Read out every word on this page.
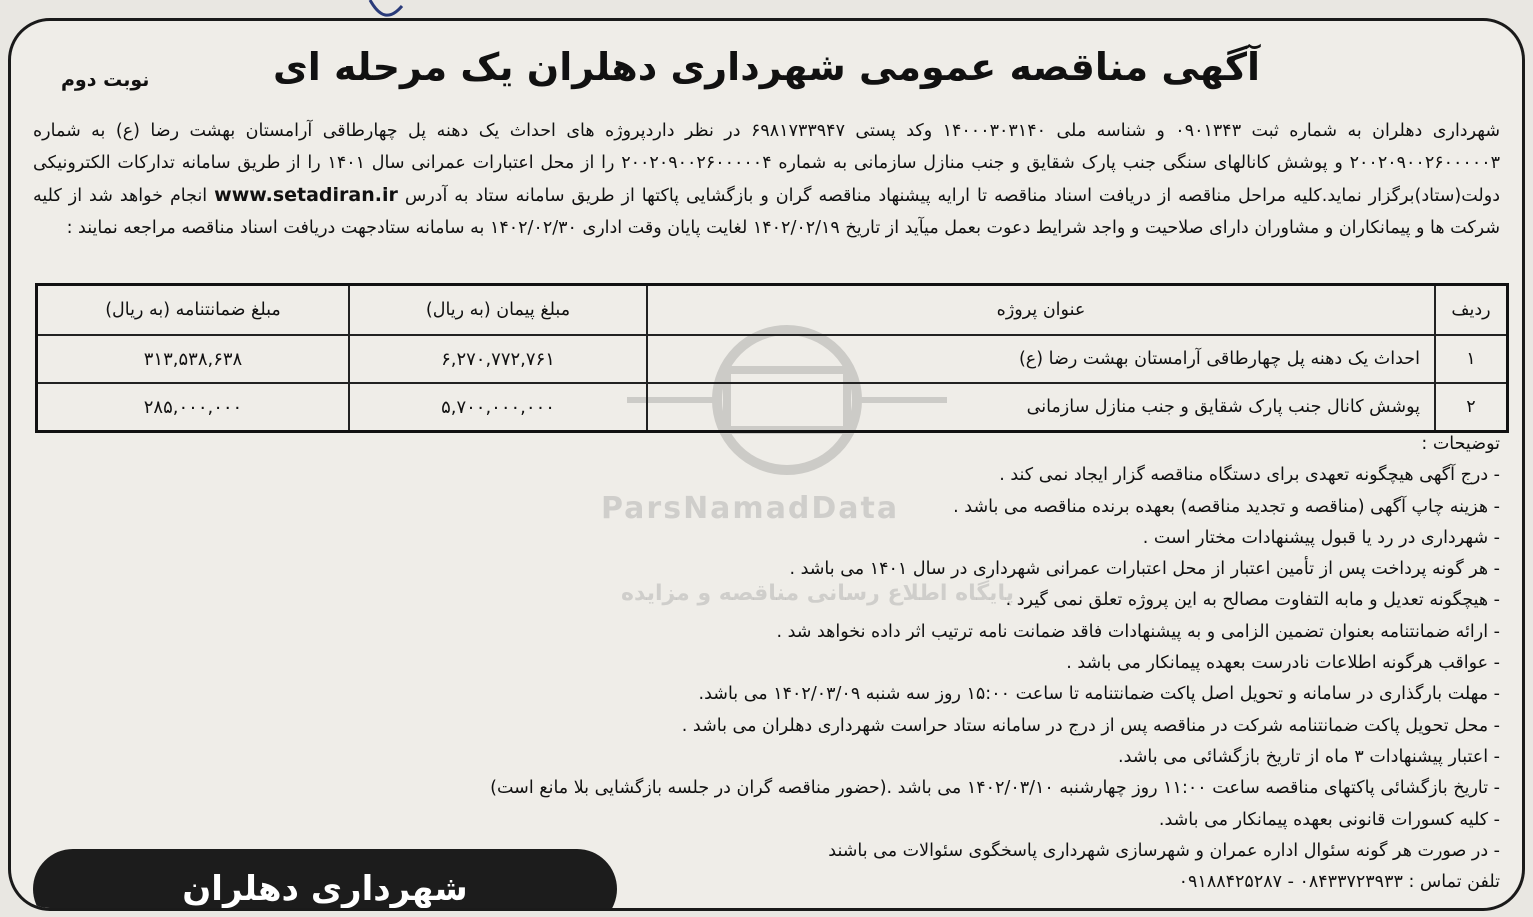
نوبت دوم	آگهی مناقصه عمومی شهرداری دهلران یک مرحله ای
شهرداری دهلران به شماره ثبت ۰۹۰۱۳۴۳ و شناسه ملی ۱۴۰۰۰۳۰۳۱۴۰ وکد پستی ۶۹۸۱۷۳۳۹۴۷ در نظر داردپروژه های احداث یک دهنه پل چهارطاقی آرامستان بهشت رضا (ع) به شماره ۲۰۰۲۰۹۰۰۲۶۰۰۰۰۰۳ و پوشش کانالهای سنگی جنب پارک شقایق و جنب منازل سازمانی به شماره ۲۰۰۲۰۹۰۰۲۶۰۰۰۰۰۴ را از محل اعتبارات عمرانی سال ۱۴۰۱ را از طریق سامانه تدارکات الکترونیکی دولت(ستاد)برگزار نماید.کلیه مراحل مناقصه از دریافت اسناد مناقصه تا ارایه پیشنهاد مناقصه گران و بازگشایی پاکتها از طریق سامانه ستاد به آدرس www.setadiran.ir انجام خواهد شد از کلیه شرکت ها و پیمانکاران و مشاوران دارای صلاحیت و واجد شرایط دعوت بعمل میآید از تاریخ ۱۴۰۲/۰۲/۱۹ لغایت پایان وقت اداری ۱۴۰۲/۰۲/۳۰ به سامانه ستادجهت دریافت اسناد مناقصه مراجعه نمایند :
ردیف	عنوان پروژه	مبلغ پیمان (به ریال)	مبلغ ضمانتنامه (به ریال)
۱	احداث یک دهنه پل چهارطاقی آرامستان بهشت رضا (ع)	۶,۲۷۰,۷۷۲,۷۶۱	۳۱۳,۵۳۸,۶۳۸
۲	پوشش کانال جنب پارک شقایق و جنب منازل سازمانی	۵,۷۰۰,۰۰۰,۰۰۰	۲۸۵,۰۰۰,۰۰۰
ParsNamadData
پایگاه اطلاع رسانی مناقصه و مزایده
توضیحات :
- درج آگهی هیچگونه تعهدی برای دستگاه مناقصه گزار ایجاد نمی کند .
- هزینه چاپ آگهی (مناقصه و تجدید مناقصه) بعهده برنده مناقصه می باشد .
- شهرداری در رد یا قبول پیشنهادات مختار است .
- هر گونه پرداخت پس از تأمین اعتبار از محل اعتبارات عمرانی شهرداری در سال ۱۴۰۱ می باشد .
- هیچگونه تعدیل و مابه التفاوت مصالح به این پروژه تعلق نمی گیرد .
- ارائه ضمانتنامه بعنوان تضمین الزامی و به پیشنهادات فاقد ضمانت نامه ترتیب اثر داده نخواهد شد .
- عواقب هرگونه اطلاعات نادرست بعهده پیمانکار می باشد .
- مهلت بارگذاری در سامانه و تحویل اصل پاکت ضمانتنامه تا ساعت ۱۵:۰۰ روز سه شنبه ۱۴۰۲/۰۳/۰۹ می باشد.
- محل تحویل پاکت ضمانتنامه شرکت در مناقصه پس از درج در سامانه ستاد حراست شهرداری دهلران می باشد .
- اعتبار پیشنهادات ۳ ماه از تاریخ بازگشائی می باشد.
- تاریخ بازگشائی پاکتهای مناقصه ساعت ۱۱:۰۰ روز چهارشنبه ۱۴۰۲/۰۳/۱۰ می باشد .(حضور مناقصه گران در جلسه بازگشایی بلا مانع است)
- کلیه کسورات قانونی بعهده پیمانکار می باشد.
- در صورت هر گونه سئوال اداره عمران و شهرسازی شهرداری پاسخگوی سئوالات می باشند
تلفن تماس : ۰۸۴۳۳۷۲۳۹۳۳ - ۰۹۱۸۸۴۲۵۲۸۷
شهرداری دهلران
